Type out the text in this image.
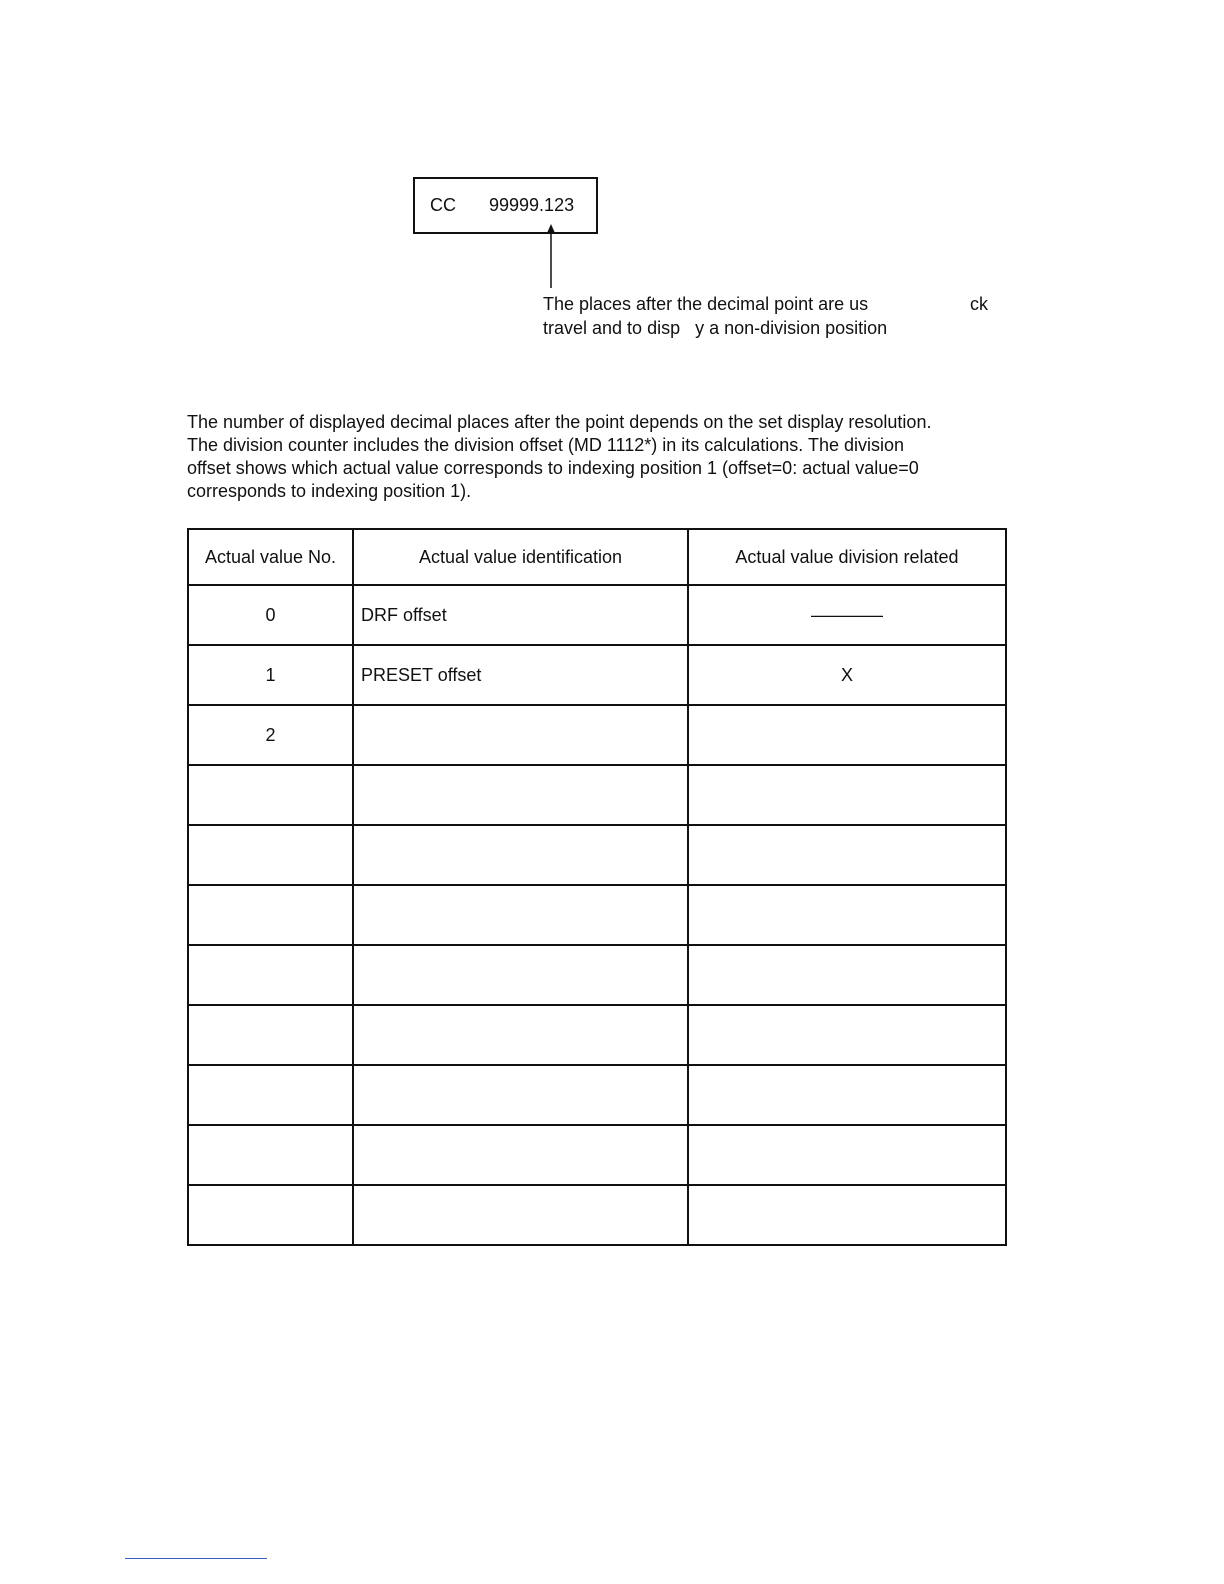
CC 99999.123
The places after the decimal point are us	ck
travel and to disp   y a non-division position
The number of displayed decimal places after the point depends on the set display resolution.
The division counter includes the division offset (MD 1112*) in its calculations. The division
offset shows which actual value corresponds to indexing position 1 (offset=0: actual value=0
corresponds to indexing position 1).
Actual value No.	Actual value identification	Actual value division related
0	DRF offset	————
1	PRESET offset	X
2		
